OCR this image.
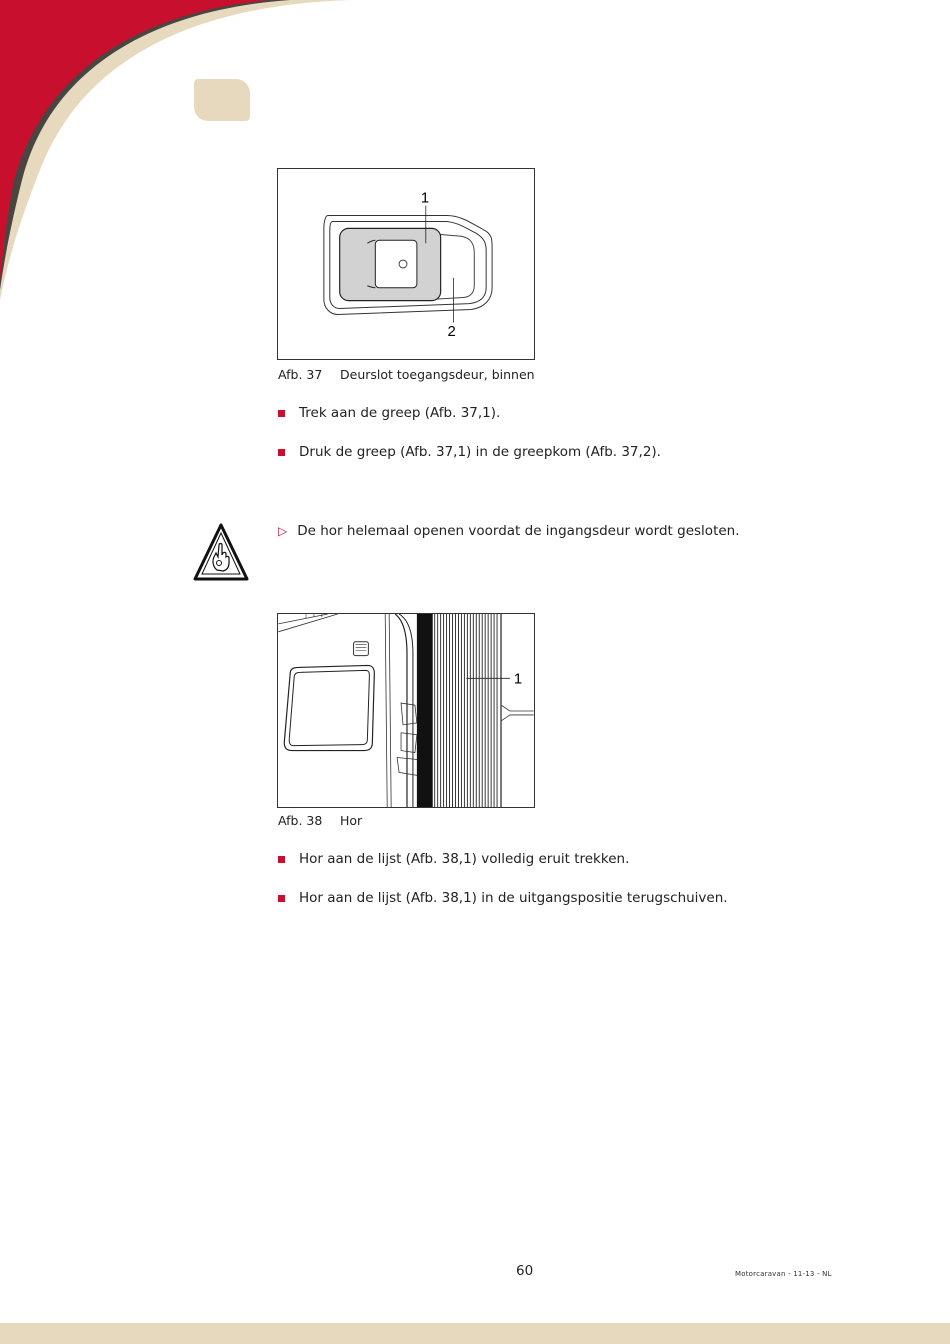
1
2
Afb. 37 Deurslot toegangsdeur, binnen
Trek aan de greep (Afb. 37,1).
Druk de greep (Afb. 37,1) in de greepkom (Afb. 37,2).
▷ De hor helemaal openen voordat de ingangsdeur wordt gesloten.
1
Afb. 38 Hor
Hor aan de lijst (Afb. 38,1) volledig eruit trekken.
Hor aan de lijst (Afb. 38,1) in de uitgangspositie terugschuiven.
60	Motorcaravan - 11-13 - NL
